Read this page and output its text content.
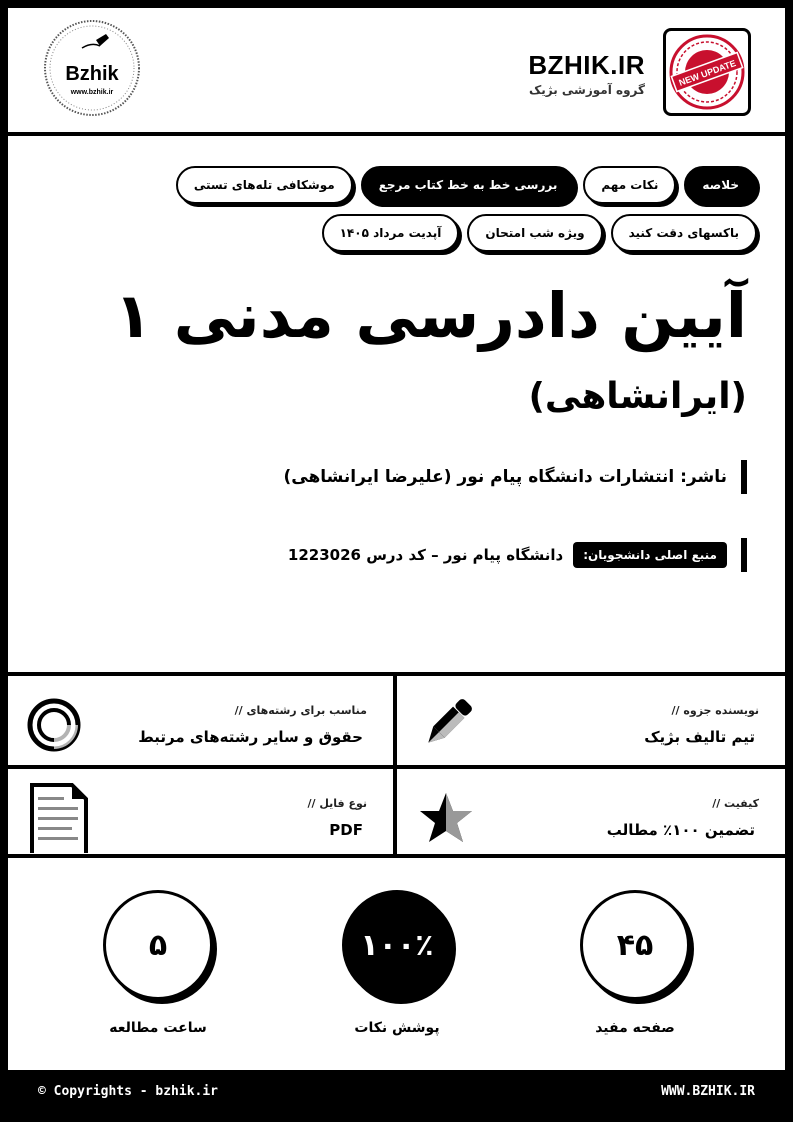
NEW UPDATE
BZHIK.IR
گروه آموزشی بژیک
Bzhik
www.bzhik.ir
خلاصه
نکات مهم
بررسی خط به خط کتاب مرجع
موشکافی تله‌های تستی
باکسهای دقت کنید
ویژه شب امتحان
آپدیت مرداد ۱۴۰۵
آیین دادرسی مدنی ۱
(ایرانشاهی)
ناشر: انتشارات دانشگاه پیام نور (علیرضا ایرانشاهی)
منبع اصلی دانشجویان:
دانشگاه پیام نور – کد درس 1223026
نویسنده جزوه //
تیم تالیف بژیک
مناسب برای رشته‌های //
حقوق و سایر رشته‌های مرتبط
کیفیت //
تضمین ۱۰۰٪ مطالب
نوع فایل //
PDF
۴۵
صفحه مفید
۱۰۰٪
پوشش نکات
۵
ساعت مطالعه
© Copyrights - bzhik.ir	WWW.BZHIK.IR
